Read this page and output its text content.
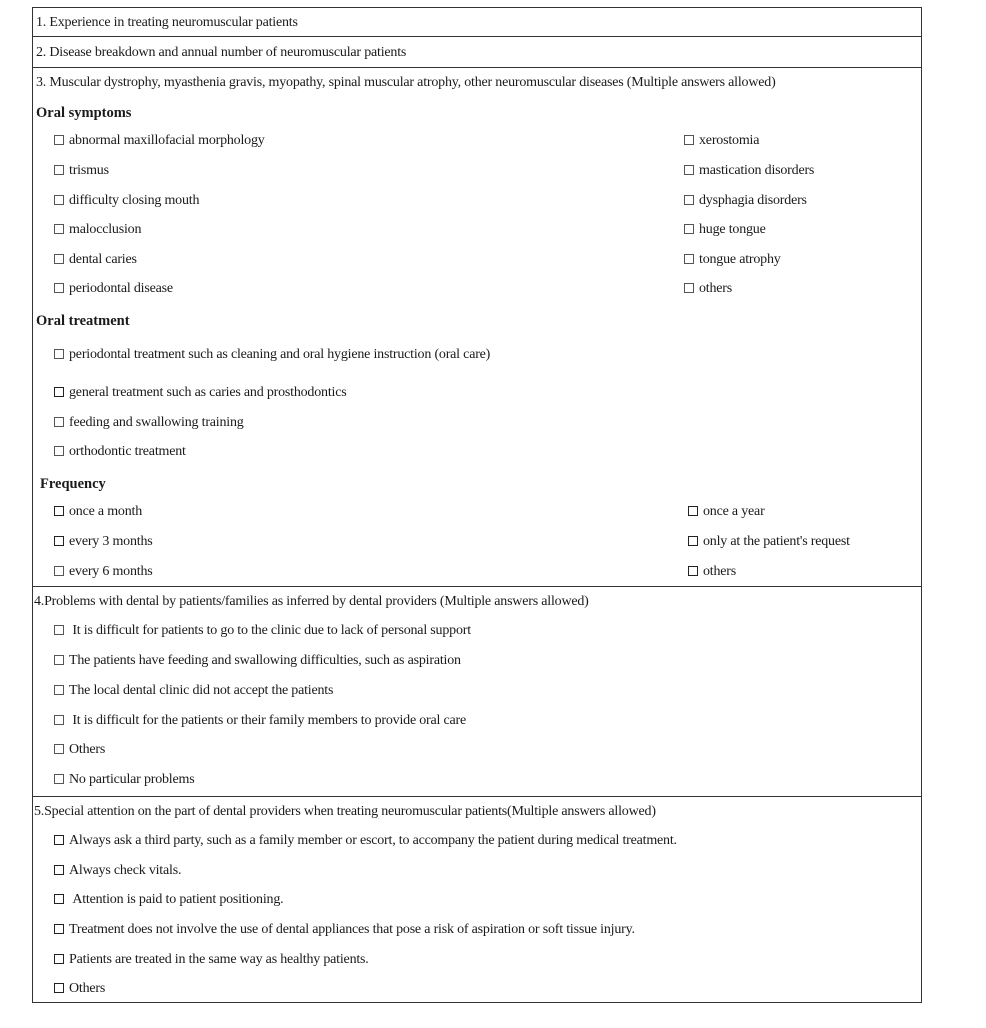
1. Experience in treating neuromuscular patients
2. Disease breakdown and annual number of neuromuscular patients
3. Muscular dystrophy, myasthenia gravis, myopathy, spinal muscular atrophy, other neuromuscular diseases (Multiple answers allowed)
Oral symptoms
abnormal maxillofacial morphology
trismus
difficulty closing mouth
malocclusion
dental caries
periodontal disease
xerostomia
mastication disorders
dysphagia disorders
huge tongue
tongue atrophy
others
Oral treatment
periodontal treatment such as cleaning and oral hygiene instruction (oral care)
general treatment such as caries and prosthodontics
feeding and swallowing training
orthodontic treatment
Frequency
once a month
every 3 months
every 6 months
once a year
only at the patient's request
others
4.Problems with dental by patients/families as inferred by dental providers (Multiple answers allowed)
It is difficult for patients to go to the clinic due to lack of personal support
The patients have feeding and swallowing difficulties, such as aspiration
The local dental clinic did not accept the patients
It is difficult for the patients or their family members to provide oral care
Others
No particular problems
5.Special attention on the part of dental providers when treating neuromuscular patients(Multiple answers allowed)
Always ask a third party, such as a family member or escort, to accompany the patient during medical treatment.
Always check vitals.
Attention is paid to patient positioning.
Treatment does not involve the use of dental appliances that pose a risk of aspiration or soft tissue injury.
Patients are treated in the same way as healthy patients.
Others
